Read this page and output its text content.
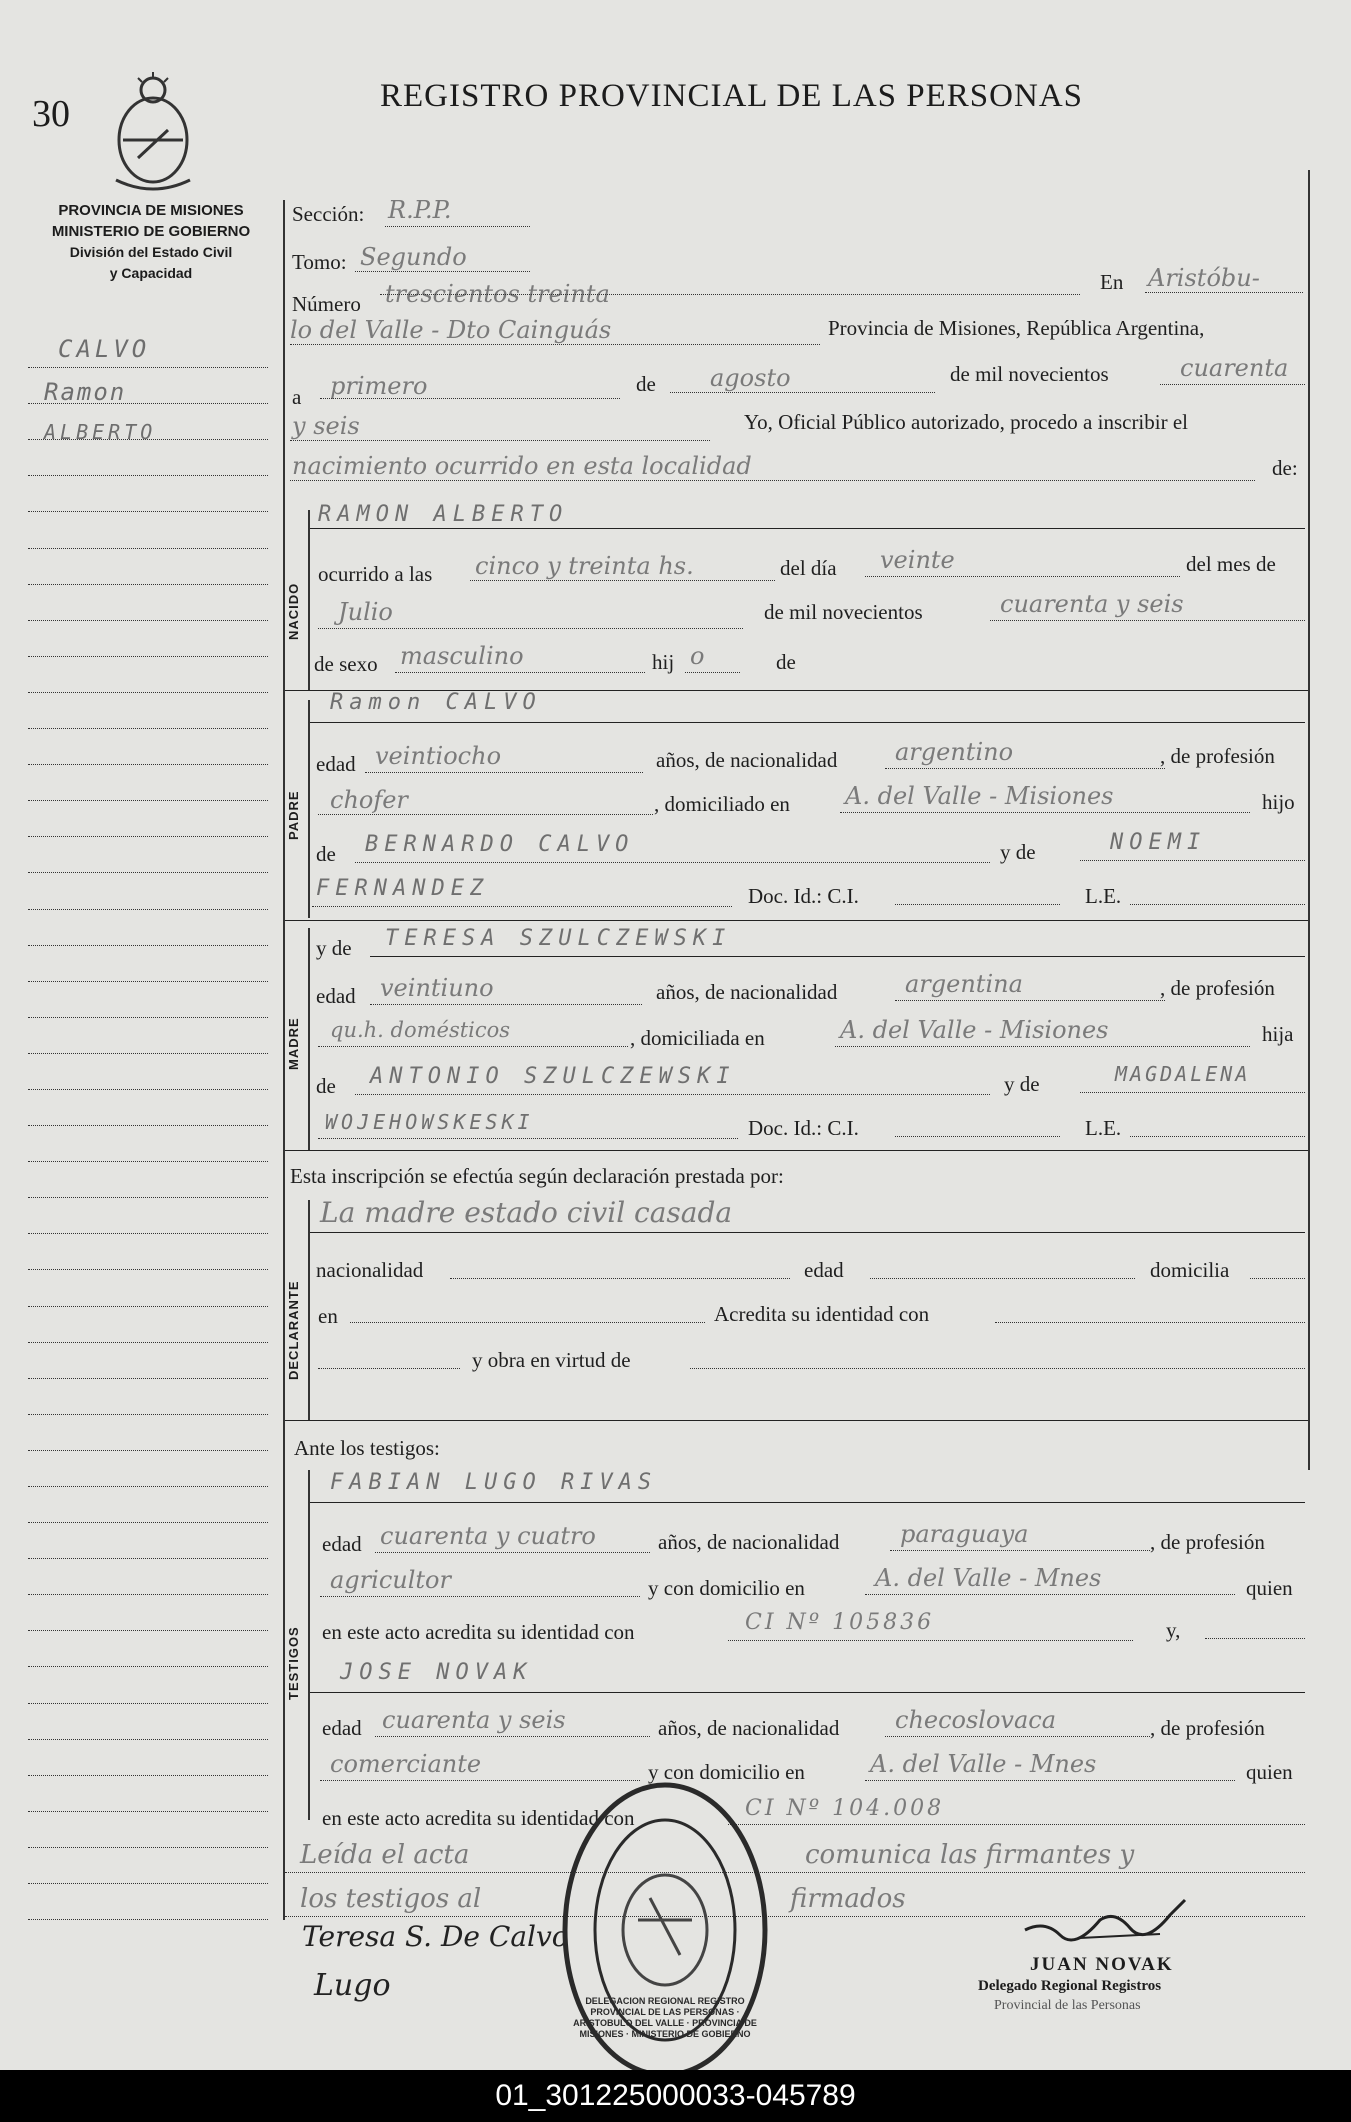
30	REGISTRO PROVINCIAL DE LAS PERSONAS
PROVINCIA DE MISIONES
MINISTERIO DE GOBIERNO
División del Estado Civil
y Capacidad
CALVO
Ramon
ALBERTO
Sección: R.P.P.
Tomo: Segundo
Número trescientos treinta	En Aristóbu-
lo del Valle - Dto Cainguás	Provincia de Misiones, República Argentina,
a primero	de agosto	de mil novecientos	cuarenta
y seis	Yo, Oficial Público autorizado, procedo a inscribir el
nacimiento ocurrido en esta localidad	de:
NACIDO
RAMON ALBERTO
ocurrido a las cinco y treinta hs.	del día veinte	del mes de
Julio	de mil novecientos	cuarenta y seis
de sexo masculino	hij o	de
PADRE
Ramon CALVO
edad veintiocho	años, de nacionalidad argentino	, de profesión
chofer	, domiciliado en A. del Valle - Misiones	hijo
de BERNARDO CALVO	y de	NOEMI
FERNANDEZ	Doc. Id.: C.I.	L.E.
MADRE
y de TERESA SZULCZEWSKI
edad veintiuno	años, de nacionalidad	argentina	, de profesión
qu.h. domésticos	, domiciliada en	A. del Valle - Misiones	hija
de ANTONIO SZULCZEWSKI	y de	MAGDALENA
WOJEHOWSKESKI	Doc. Id.: C.I.	L.E.
Esta inscripción se efectúa según declaración prestada por:
DECLARANTE
La madre estado civil casada
nacionalidad	edad	domicilia
en	Acredita su identidad con
y obra en virtud de
Ante los testigos:
TESTIGOS
FABIAN LUGO RIVAS
edad cuarenta y cuatro	años, de nacionalidad	paraguaya	, de profesión
agricultor	y con domicilio en	A. del Valle - Mnes	quien
en este acto acredita su identidad con	CI Nº 105836	y,
JOSE NOVAK
edad cuarenta y seis	años, de nacionalidad checoslovaca	, de profesión
comerciante	y con domicilio en	A. del Valle - Mnes	quien
en este acto acredita su identidad con	CI Nº 104.008
Leída el acta	comunica las firmantes y
los testigos al	firmados
Teresa S. De Calvo
Lugo
JUAN NOVAK
Delegado Regional Registros
Provincial de las Personas
DELEGACION REGIONAL REGISTRO PROVINCIAL DE LAS PERSONAS · ARISTOBULO DEL VALLE · PROVINCIA DE MISIONES · MINISTERIO DE GOBIERNO
01_301225000033-045789
